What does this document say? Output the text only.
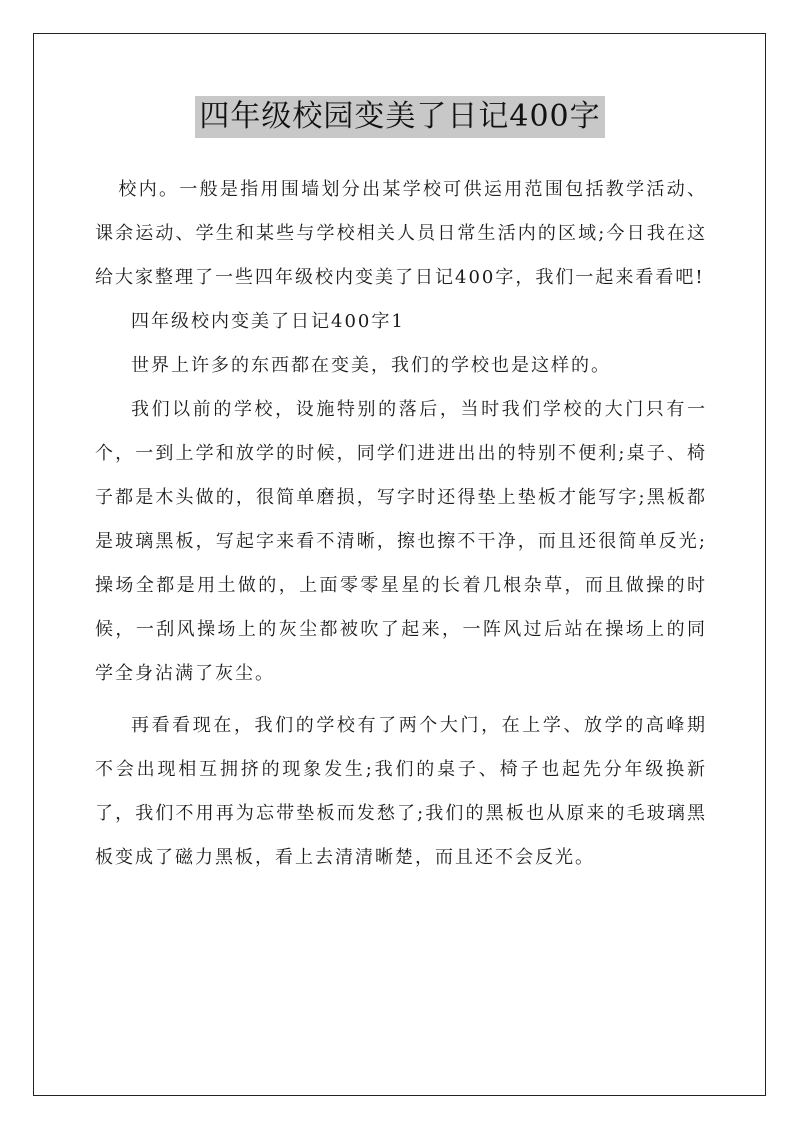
四年级校园变美了日记400字

校内。一般是指用围墙划分出某学校可供运用范围包括教学活动、课余运动、学生和某些与学校相关人员日常生活内的区域;今日我在这给大家整理了一些四年级校内变美了日记400字，我们一起来看看吧!

四年级校内变美了日记400字1

世界上许多的东西都在变美，我们的学校也是这样的。

我们以前的学校，设施特别的落后，当时我们学校的大门只有一个，一到上学和放学的时候，同学们进进出出的特别不便利;桌子、椅子都是木头做的，很简单磨损，写字时还得垫上垫板才能写字;黑板都是玻璃黑板，写起字来看不清晰，擦也擦不干净，而且还很简单反光;操场全都是用土做的，上面零零星星的长着几根杂草，而且做操的时候，一刮风操场上的灰尘都被吹了起来，一阵风过后站在操场上的同学全身沾满了灰尘。

再看看现在，我们的学校有了两个大门，在上学、放学的高峰期不会出现相互拥挤的现象发生;我们的桌子、椅子也起先分年级换新了，我们不用再为忘带垫板而发愁了;我们的黑板也从原来的毛玻璃黑板变成了磁力黑板，看上去清清晰楚，而且还不会反光。
